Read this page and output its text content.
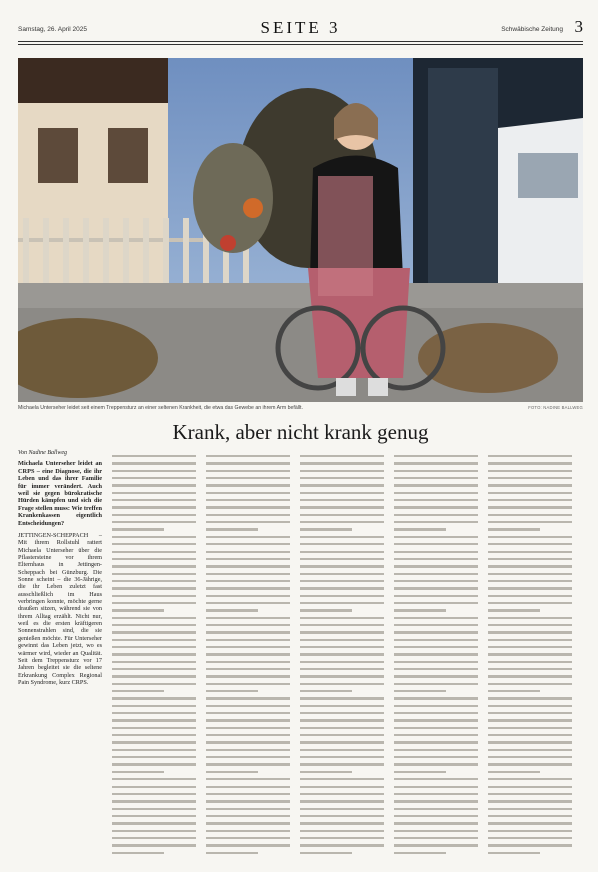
Samstag, 26. April 2025	SEITE 3	Schwäbische Zeitung 3
Michaela Unterseher leidet seit einem Treppensturz an einer seltenen Krankheit, die etwa das Gewebe an ihrem Arm befällt.	FOTO: NADINE BALLWEG
Krank, aber nicht krank genug

Von Nadine Ballweg

Michaela Unterseher leidet an CRPS – eine Diagnose, die ihr Leben und das ihrer Familie für immer verändert. Auch weil sie gegen bürokratische Hürden kämpfen und sich die Frage stellen muss: Wie treffen Krankenkassen eigentlich Entscheidungen?

JETTINGEN-SCHEPPACH – Mit ihrem Rollstuhl rattert Michaela Unterseher über die Pflastersteine vor ihrem Elternhaus in Jettingen-Scheppach bei Günzburg. Die Sonne scheint – die 36-Jährige, die ihr Leben zuletzt fast ausschließlich im Haus verbringen konnte, möchte gerne draußen sitzen, während sie von ihrem Alltag erzählt. Nicht nur, weil es die ersten kräftigeren Sonnenstrahlen sind, die sie genießen möchte. Für Unterseher gewinnt das Leben jetzt, wo es wärmer wird, wieder an Qualität. Seit dem Treppensturz vor 17 Jahren begleitet sie die seltene Erkrankung Complex Regional Pain Syndrome, kurz CRPS.
